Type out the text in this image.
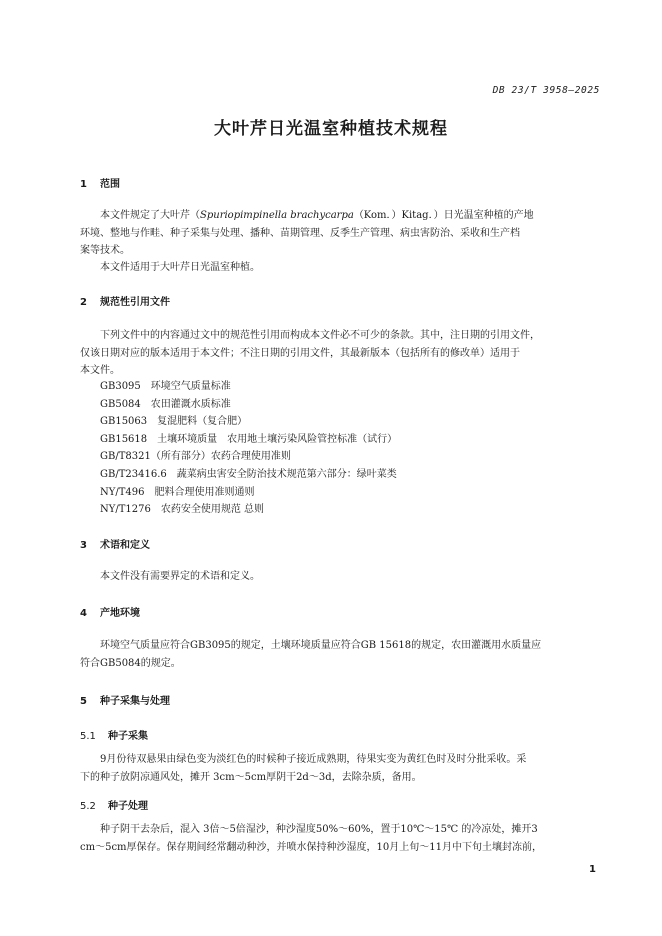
DB 23/T 3958—2025
大叶芹日光温室种植技术规程
1 范围
本文件规定了大叶芹（Spuriopimpinella brachycarpa（Kom．）Kitag．）日光温室种植的产地
环境、整地与作畦、种子采集与处理、播种、苗期管理、反季生产管理、病虫害防治、采收和生产档
案等技术。
本文件适用于大叶芹日光温室种植。
2 规范性引用文件
下列文件中的内容通过文中的规范性引用而构成本文件必不可少的条款。其中，注日期的引用文件，
仅该日期对应的版本适用于本文件；不注日期的引用文件，其最新版本（包括所有的修改单）适用于
本文件。
GB3095　环境空气质量标准
GB5084　农田灌溉水质标准
GB15063　复混肥料（复合肥）
GB15618　土壤环境质量　农用地土壤污染风险管控标准（试行）
GB/T8321（所有部分）农药合理使用准则
GB/T23416.6　蔬菜病虫害安全防治技术规范第六部分：绿叶菜类
NY/T496　肥料合理使用准则通则
NY/T1276　农药安全使用规范 总则
3 术语和定义
本文件没有需要界定的术语和定义。
4 产地环境
环境空气质量应符合GB3095的规定，土壤环境质量应符合GB 15618的规定，农田灌溉用水质量应
符合GB5084的规定。
5 种子采集与处理
5.1 种子采集
9月份待双悬果由绿色变为淡红色的时候种子接近成熟期，待果实变为黄红色时及时分批采收。采
下的种子放阴凉通风处，摊开 3cm～5cm厚阴干2d～3d，去除杂质，备用。
5.2 种子处理
种子阴干去杂后，混入 3倍～5倍湿沙，种沙湿度50%～60%，置于10℃～15℃ 的冷凉处，摊开3
cm～5cm厚保存。保存期间经常翻动种沙，并喷水保持种沙湿度，10月上旬～11月中下旬土壤封冻前，
1
